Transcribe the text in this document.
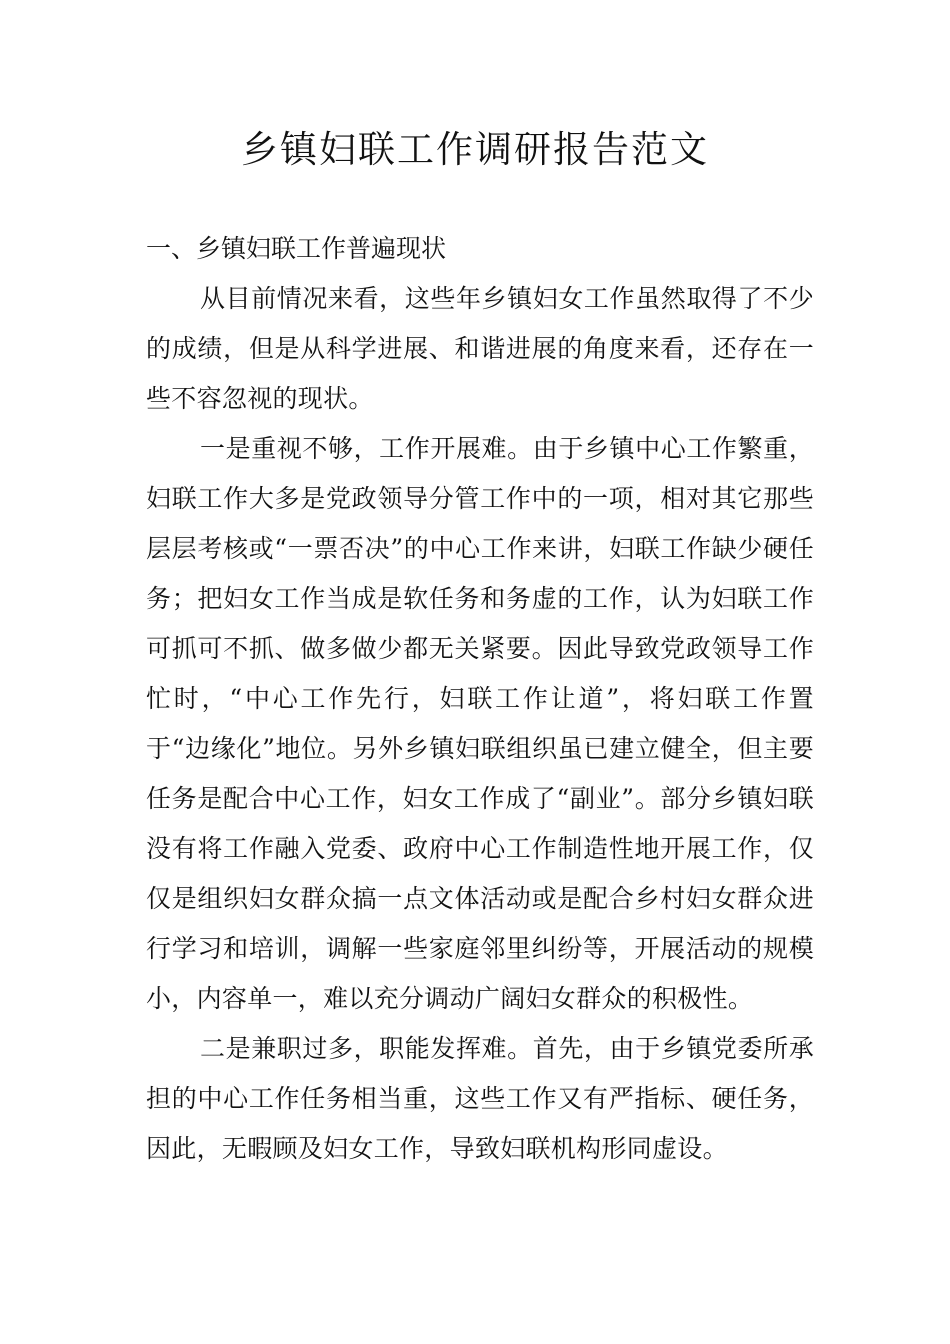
乡镇妇联工作调研报告范文

一、乡镇妇联工作普遍现状

从目前情况来看，这些年乡镇妇女工作虽然取得了不少的成绩，但是从科学进展、和谐进展的角度来看，还存在一些不容忽视的现状。

一是重视不够，工作开展难。由于乡镇中心工作繁重，妇联工作大多是党政领导分管工作中的一项，相对其它那些层层考核或“一票否决”的中心工作来讲，妇联工作缺少硬任务；把妇女工作当成是软任务和务虚的工作，认为妇联工作可抓可不抓、做多做少都无关紧要。因此导致党政领导工作忙时，“中心工作先行，妇联工作让道”，将妇联工作置于“边缘化”地位。另外乡镇妇联组织虽已建立健全，但主要任务是配合中心工作，妇女工作成了“副业”。部分乡镇妇联没有将工作融入党委、政府中心工作制造性地开展工作，仅仅是组织妇女群众搞一点文体活动或是配合乡村妇女群众进行学习和培训，调解一些家庭邻里纠纷等，开展活动的规模小，内容单一，难以充分调动广阔妇女群众的积极性。

二是兼职过多，职能发挥难。首先，由于乡镇党委所承担的中心工作任务相当重，这些工作又有严指标、硬任务，因此，无暇顾及妇女工作，导致妇联机构形同虚设。
